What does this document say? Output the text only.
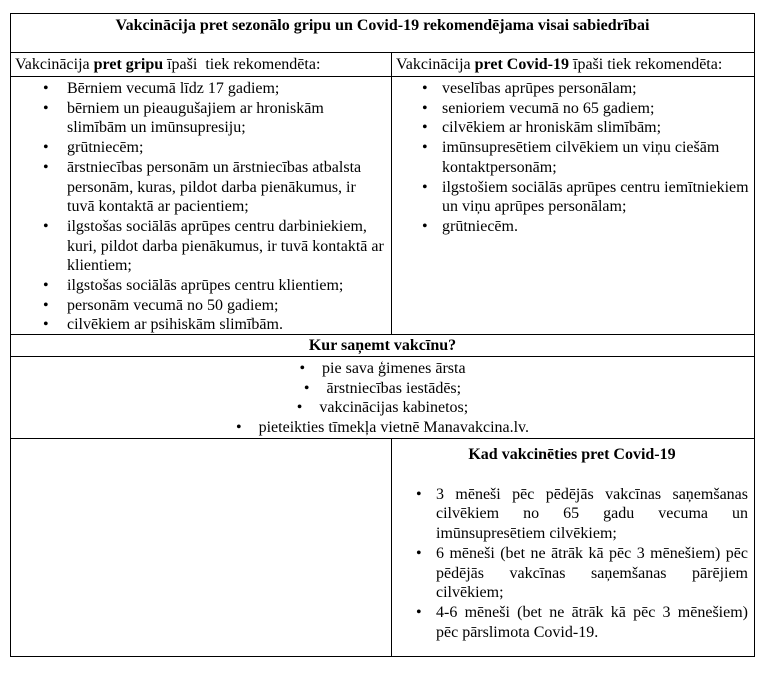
Vakcinācija pret sezonālo gripu un Covid-19 rekomendējama visai sabiedrībai
Vakcinācija pret gripu īpaši  tiek rekomendēta:	Vakcinācija pret Covid-19 īpaši tiek rekomendēta:
• Bērniem vecumā līdz 17 gadiem;
• bērniem un pieaugušajiem ar hroniskām slimībām un imūnsupresiju;
• grūtniecēm;
• ārstniecības personām un ārstniecības atbalsta personām, kuras, pildot darba pienākumus, ir tuvā kontaktā ar pacientiem;
• ilgstošas sociālās aprūpes centru darbiniekiem, kuri, pildot darba pienākumus, ir tuvā kontaktā ar klientiem;
• ilgstošas sociālās aprūpes centru klientiem;
• personām vecumā no 50 gadiem;
• cilvēkiem ar psihiskām slimībām.
• veselības aprūpes personālam;
• senioriem vecumā no 65 gadiem;
• cilvēkiem ar hroniskām slimībām;
• imūnsupresētiem cilvēkiem un viņu ciešām kontaktpersonām;
• ilgstošiem sociālās aprūpes centru iemītniekiem un viņu aprūpes personālam;
• grūtniecēm.
Kur saņemt vakcīnu?
• pie sava ģimenes ārsta
• ārstniecības iestādēs;
• vakcinācijas kabinetos;
• pieteikties tīmekļa vietnē Manavakcina.lv.
Kad vakcinēties pret Covid-19
• 3 mēneši pēc pēdējās vakcīnas saņemšanas cilvēkiem no 65 gadu vecuma un imūnsupresētiem cilvēkiem;
• 6 mēneši (bet ne ātrāk kā pēc 3 mēnešiem) pēc pēdējās vakcīnas saņemšanas pārējiem cilvēkiem;
• 4-6 mēneši (bet ne ātrāk kā pēc 3 mēnešiem) pēc pārslimota Covid-19.
